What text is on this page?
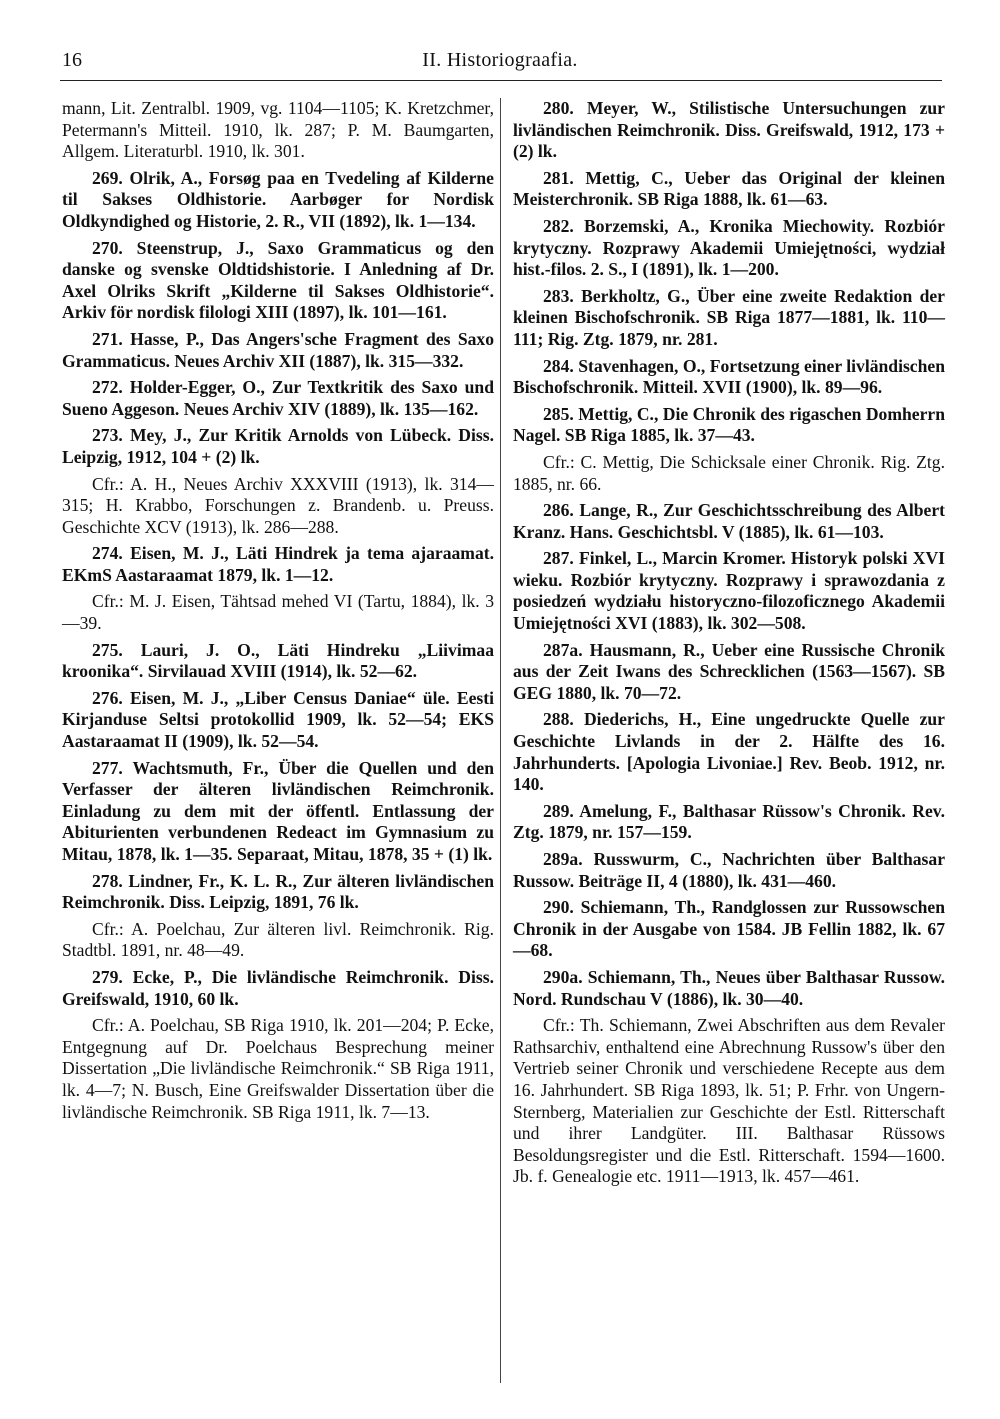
16	II. Historiograafia.

mann, Lit. Zentralbl. 1909, vg. 1104—1105; K. Kretzchmer, Petermann's Mitteil. 1910, lk. 287; P. M. Baumgarten, Allgem. Literaturbl. 1910, lk. 301.

269. Olrik, A., Forsøg paa en Tvedeling af Kilderne til Sakses Oldhistorie. Aarbøger for Nordisk Oldkyndighed og Historie, 2. R., VII (1892), lk. 1—134.

270. Steenstrup, J., Saxo Grammaticus og den danske og svenske Oldtidshistorie. I Anledning af Dr. Axel Olriks Skrift „Kilderne til Sakses Oldhistorie“. Arkiv för nordisk filologi XIII (1897), lk. 101—161.

271. Hasse, P., Das Angers'sche Fragment des Saxo Grammaticus. Neues Archiv XII (1887), lk. 315—332.

272. Holder-Egger, O., Zur Textkritik des Saxo und Sueno Aggeson. Neues Archiv XIV (1889), lk. 135—162.

273. Mey, J., Zur Kritik Arnolds von Lübeck. Diss. Leipzig, 1912, 104 + (2) lk.

Cfr.: A. H., Neues Archiv XXXVIII (1913), lk. 314—315; H. Krabbo, Forschungen z. Brandenb. u. Preuss. Geschichte XCV (1913), lk. 286—288.

274. Eisen, M. J., Läti Hindrek ja tema ajaraamat. EKmS Aastaraamat 1879, lk. 1—12.

Cfr.: M. J. Eisen, Tähtsad mehed VI (Tartu, 1884), lk. 3—39.

275. Lauri, J. O., Läti Hindreku „Liivimaa kroonika“. Sirvilauad XVIII (1914), lk. 52—62.

276. Eisen, M. J., „Liber Census Daniae“ üle. Eesti Kirjanduse Seltsi protokollid 1909, lk. 52—54; EKS Aastaraamat II (1909), lk. 52—54.

277. Wachtsmuth, Fr., Über die Quellen und den Verfasser der älteren livländischen Reimchronik. Einladung zu dem mit der öffentl. Entlassung der Abiturienten verbundenen Redeact im Gymnasium zu Mitau, 1878, lk. 1—35. Separaat, Mitau, 1878, 35 + (1) lk.

278. Lindner, Fr., K. L. R., Zur älteren livländischen Reimchronik. Diss. Leipzig, 1891, 76 lk.

Cfr.: A. Poelchau, Zur älteren livl. Reimchronik. Rig. Stadtbl. 1891, nr. 48—49.

279. Ecke, P., Die livländische Reimchronik. Diss. Greifswald, 1910, 60 lk.

Cfr.: A. Poelchau, SB Riga 1910, lk. 201—204; P. Ecke, Entgegnung auf Dr. Poelchaus Besprechung meiner Dissertation „Die livländische Reimchronik.“ SB Riga 1911, lk. 4—7; N. Busch, Eine Greifswalder Dissertation über die livländische Reimchronik. SB Riga 1911, lk. 7—13.

280. Meyer, W., Stilistische Untersuchungen zur livländischen Reimchronik. Diss. Greifswald, 1912, 173 + (2) lk.

281. Mettig, C., Ueber das Original der kleinen Meisterchronik. SB Riga 1888, lk. 61—63.

282. Borzemski, A., Kronika Miechowity. Rozbiór krytyczny. Rozprawy Akademii Umiejętności, wydział hist.-filos. 2. S., I (1891), lk. 1—200.

283. Berkholtz, G., Über eine zweite Redaktion der kleinen Bischofschronik. SB Riga 1877—1881, lk. 110—111; Rig. Ztg. 1879, nr. 281.

284. Stavenhagen, O., Fortsetzung einer livländischen Bischofschronik. Mitteil. XVII (1900), lk. 89—96.

285. Mettig, C., Die Chronik des rigaschen Domherrn Nagel. SB Riga 1885, lk. 37—43.

Cfr.: C. Mettig, Die Schicksale einer Chronik. Rig. Ztg. 1885, nr. 66.

286. Lange, R., Zur Geschichtsschreibung des Albert Kranz. Hans. Geschichtsbl. V (1885), lk. 61—103.

287. Finkel, L., Marcin Kromer. Historyk polski XVI wieku. Rozbiór krytyczny. Rozprawy i sprawozdania z posiedzeń wydziału historyczno-filozoficznego Akademii Umiejętności XVI (1883), lk. 302—508.

287a. Hausmann, R., Ueber eine Russische Chronik aus der Zeit Iwans des Schrecklichen (1563—1567). SB GEG 1880, lk. 70—72.

288. Diederichs, H., Eine ungedruckte Quelle zur Geschichte Livlands in der 2. Hälfte des 16. Jahrhunderts. [Apologia Livoniae.] Rev. Beob. 1912, nr. 140.

289. Amelung, F., Balthasar Rüssow's Chronik. Rev. Ztg. 1879, nr. 157—159.

289a. Russwurm, C., Nachrichten über Balthasar Russow. Beiträge II, 4 (1880), lk. 431—460.

290. Schiemann, Th., Randglossen zur Russowschen Chronik in der Ausgabe von 1584. JB Fellin 1882, lk. 67—68.

290a. Schiemann, Th., Neues über Balthasar Russow. Nord. Rundschau V (1886), lk. 30—40.

Cfr.: Th. Schiemann, Zwei Abschriften aus dem Revaler Rathsarchiv, enthaltend eine Abrechnung Russow's über den Vertrieb seiner Chronik und verschiedene Recepte aus dem 16. Jahrhundert. SB Riga 1893, lk. 51; P. Frhr. von Ungern-Sternberg, Materialien zur Geschichte der Estl. Ritterschaft und ihrer Landgüter. III. Balthasar Rüssows Besoldungsregister und die Estl. Ritterschaft. 1594—1600. Jb. f. Genealogie etc. 1911—1913, lk. 457—461.
